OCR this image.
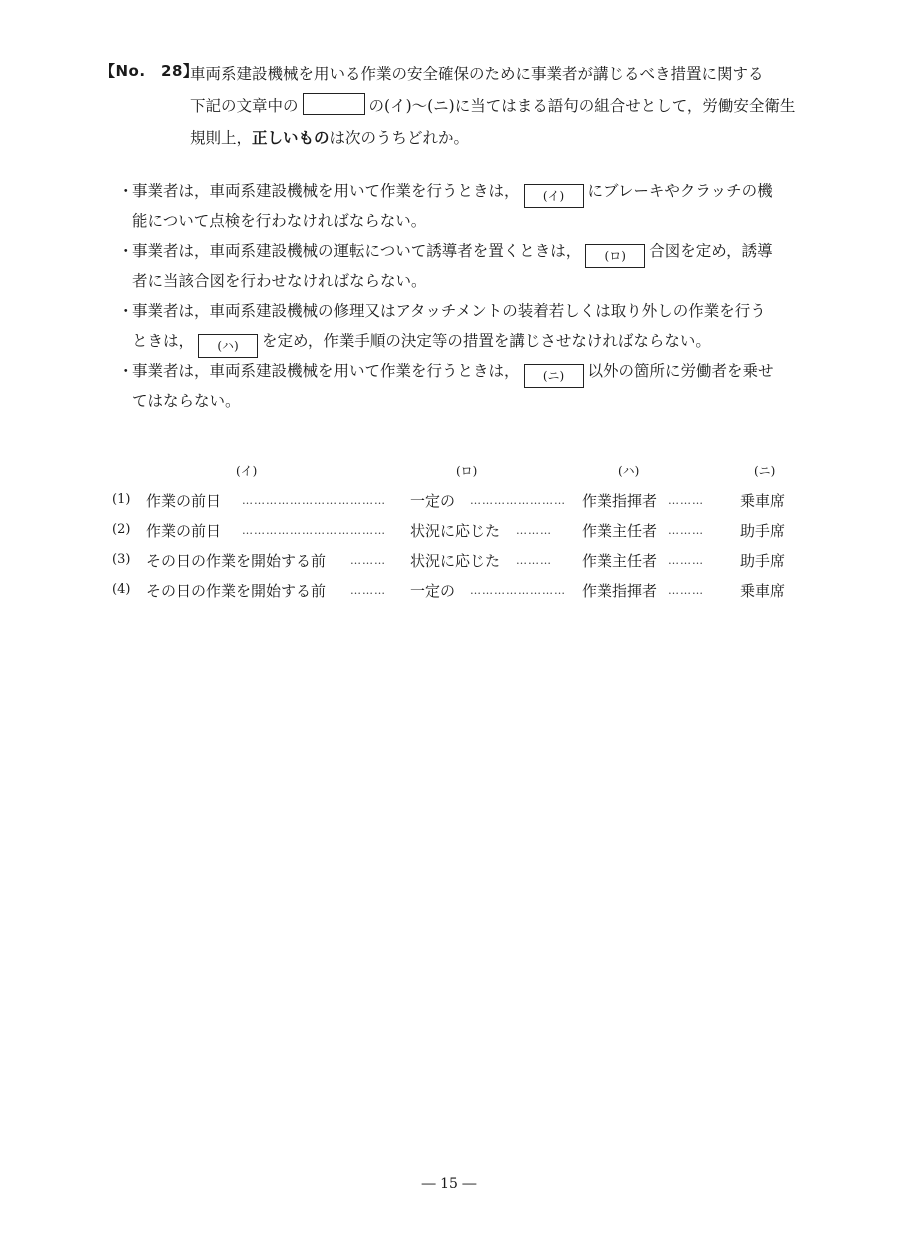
【No.　28】
車両系建設機械を用いる作業の安全確保のために事業者が講じるべき措置に関する
下記の文章中の	の(イ)～(ニ)に当てはまる語句の組合せとして，労働安全衛生
規則上，正しいものは次のうちどれか。
・事業者は，車両系建設機械を用いて作業を行うときは， (イ) にブレーキやクラッチの機
能について点検を行わなければならない。
・事業者は，車両系建設機械の運転について誘導者を置くときは， (ロ) 合図を定め，誘導
者に当該合図を行わせなければならない。
・事業者は，車両系建設機械の修理又はアタッチメントの装着若しくは取り外しの作業を行う
ときは， (ハ) を定め，作業手順の決定等の措置を講じさせなければならない。
・事業者は，車両系建設機械を用いて作業を行うときは， (ニ) 以外の箇所に労働者を乗せ
てはならない。
(イ)	(ロ)	(ハ)	(ニ)
(1) 作業の前日 ……………………………… 一定の …………………… 作業指揮者 ……… 乗車席
(2) 作業の前日 ……………………………… 状況に応じた ……… 作業主任者 ……… 助手席
(3) その日の作業を開始する前 ……… 状況に応じた ……… 作業主任者 ……… 助手席
(4) その日の作業を開始する前 ……… 一定の …………………… 作業指揮者 ……… 乗車席
― 15 ―
